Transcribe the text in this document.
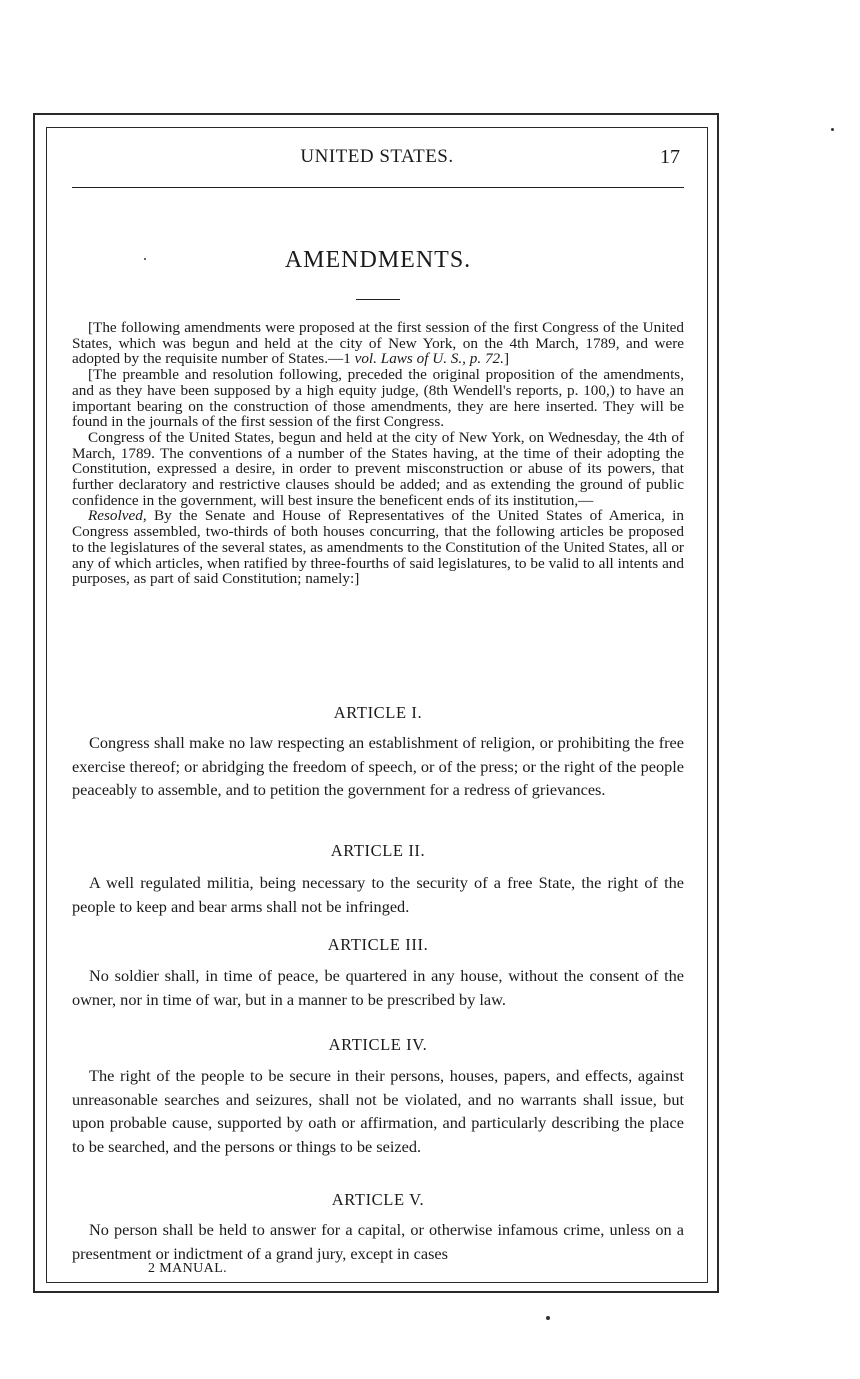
UNITED STATES.	17
AMENDMENTS.

[The following amendments were proposed at the first session of the first Congress of the United States, which was begun and held at the city of New York, on the 4th March, 1789, and were adopted by the requisite number of States.—1 vol. Laws of U. S., p. 72.]

[The preamble and resolution following, preceded the original proposition of the amendments, and as they have been supposed by a high equity judge, (8th Wendell's reports, p. 100,) to have an important bearing on the construction of those amendments, they are here inserted. They will be found in the journals of the first session of the first Congress.

Congress of the United States, begun and held at the city of New York, on Wednesday, the 4th of March, 1789. The conventions of a number of the States having, at the time of their adopting the Constitution, expressed a desire, in order to prevent misconstruction or abuse of its powers, that further declaratory and restrictive clauses should be added; and as extending the ground of public confidence in the government, will best insure the beneficent ends of its institution,—

Resolved, By the Senate and House of Representatives of the United States of America, in Congress assembled, two-thirds of both houses concurring, that the following articles be proposed to the legislatures of the several states, as amendments to the Constitution of the United States, all or any of which articles, when ratified by three-fourths of said legislatures, to be valid to all intents and purposes, as part of said Constitution; namely:]

ARTICLE I.

Congress shall make no law respecting an establishment of religion, or prohibiting the free exercise thereof; or abridging the freedom of speech, or of the press; or the right of the people peaceably to assemble, and to petition the government for a redress of grievances.

ARTICLE II.

A well regulated militia, being necessary to the security of a free State, the right of the people to keep and bear arms shall not be infringed.

ARTICLE III.

No soldier shall, in time of peace, be quartered in any house, without the consent of the owner, nor in time of war, but in a manner to be prescribed by law.

ARTICLE IV.

The right of the people to be secure in their persons, houses, papers, and effects, against unreasonable searches and seizures, shall not be violated, and no warrants shall issue, but upon probable cause, supported by oath or affirmation, and particularly describing the place to be searched, and the persons or things to be seized.

ARTICLE V.

No person shall be held to answer for a capital, or otherwise infamous crime, unless on a presentment or indictment of a grand jury, except in cases

2 MANUAL.
